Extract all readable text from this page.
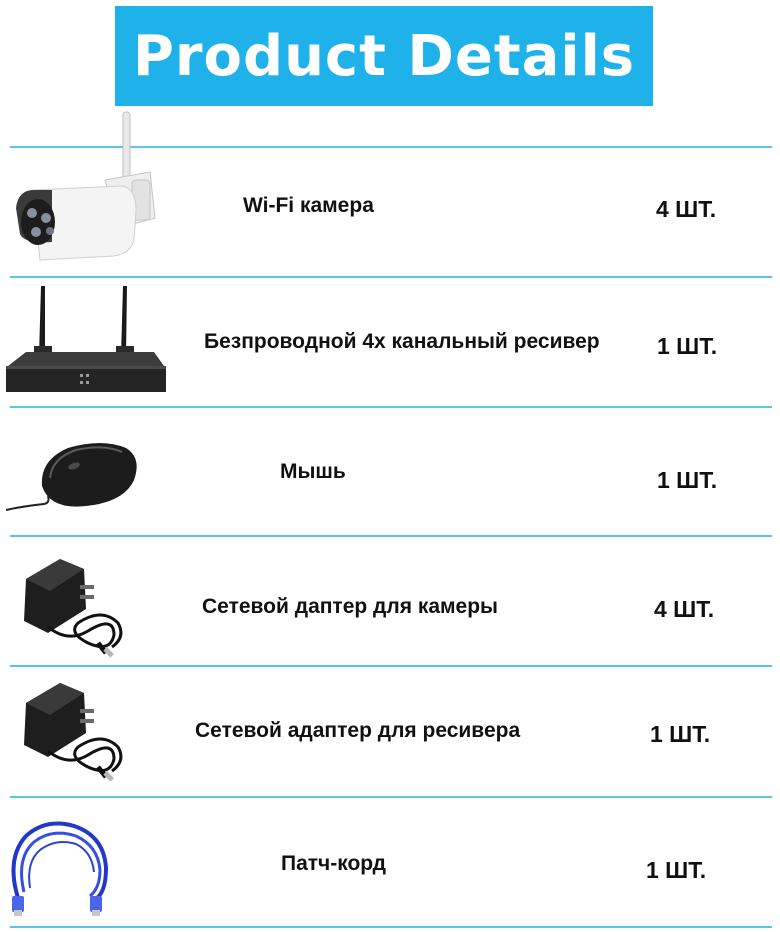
Product Details
Wi-Fi камера	4 ШТ.
Безпроводной 4х канальный ресивер 1 ШТ.
Мышь	1 ШТ.
Сетевой даптер для камеры	4 ШТ.
Сетевой адаптер для ресивера	1 ШТ.
Патч-корд	1 ШТ.
